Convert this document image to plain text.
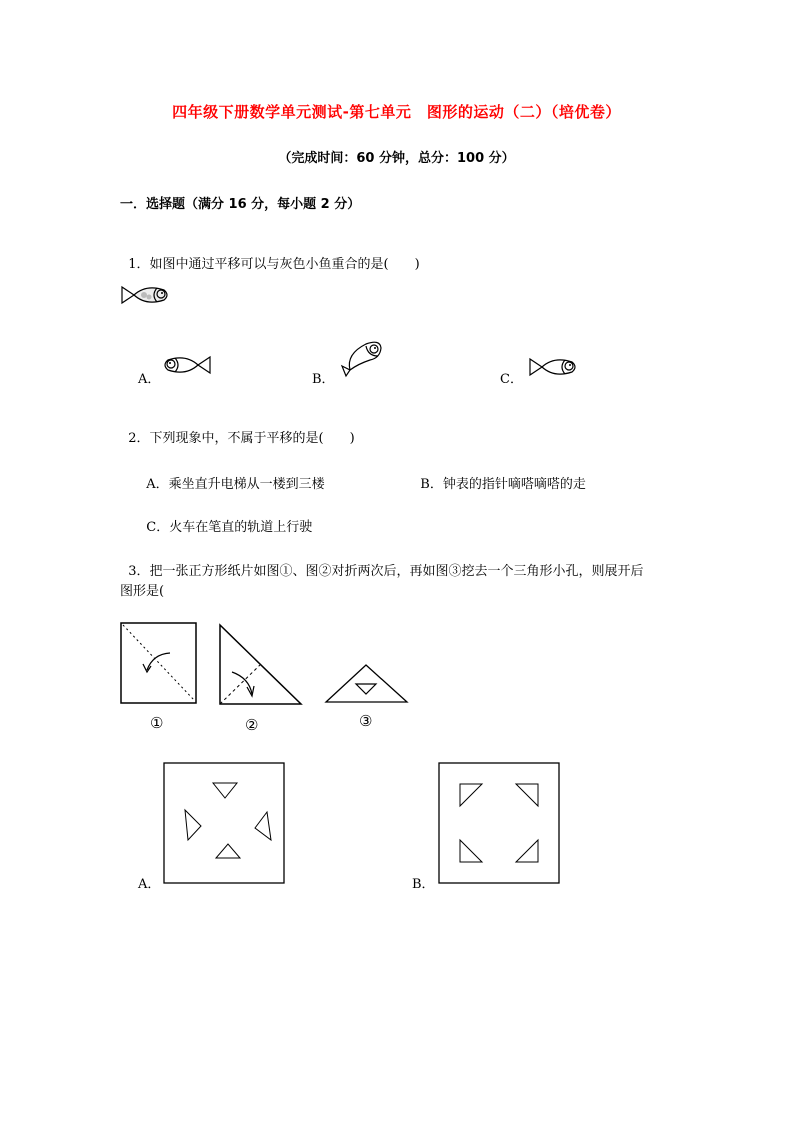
四年级下册数学单元测试-第七单元　图形的运动（二）（培优卷）
（完成时间：60 分钟，总分：100 分）
一．选择题（满分 16 分，每小题 2 分）

1．如图中通过平移可以与灰色小鱼重合的是(　　)

A．	B．	C．

2．下列现象中，不属于平移的是(　　)

A．乘坐直升电梯从一楼到三楼	B．钟表的指针嘀嗒嘀嗒的走

C．火车在笔直的轨道上行驶

3．把一张正方形纸片如图①、图②对折两次后，再如图③挖去一个三角形小孔，则展开后

图形是(
①	②	③
A．	B．
